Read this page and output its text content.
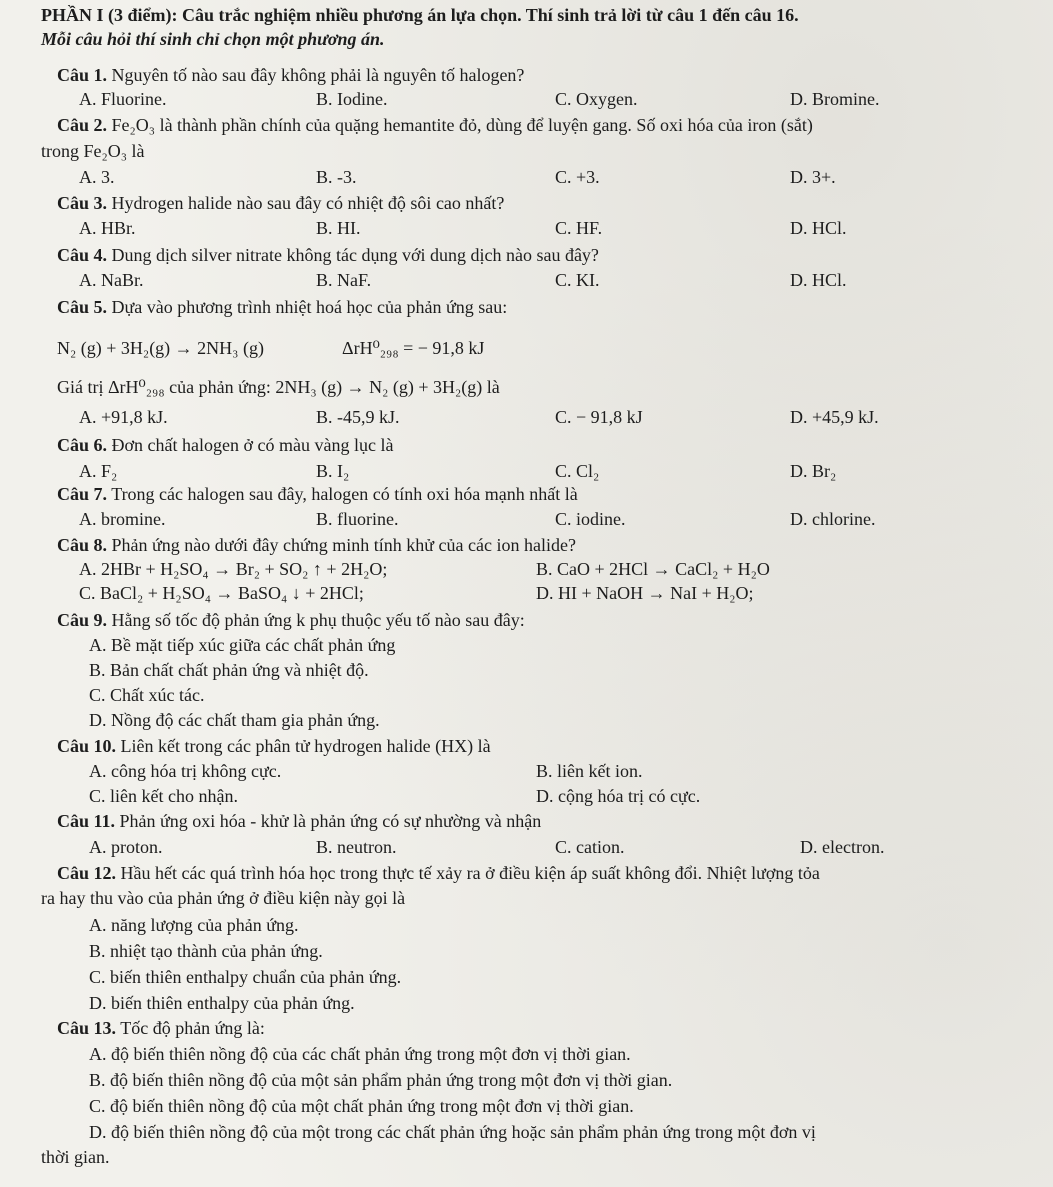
PHẦN I (3 điểm): Câu trắc nghiệm nhiều phương án lựa chọn. Thí sinh trả lời từ câu 1 đến câu 16.
Mỗi câu hỏi thí sinh chỉ chọn một phương án.
Câu 1. Nguyên tố nào sau đây không phải là nguyên tố halogen?
A. Fluorine.	B. Iodine.	C. Oxygen.	D. Bromine.
Câu 2. Fe₂O₃ là thành phần chính của quặng hemantite đỏ, dùng để luyện gang. Số oxi hóa của iron (sắt)
trong Fe₂O₃ là
A. 3.	B. -3.	C. +3.	D. 3+.
Câu 3. Hydrogen halide nào sau đây có nhiệt độ sôi cao nhất?
A. HBr.	B. HI.	C. HF.	D. HCl.
Câu 4. Dung dịch silver nitrate không tác dụng với dung dịch nào sau đây?
A. NaBr.	B. NaF.	C. KI.	D. HCl.
Câu 5. Dựa vào phương trình nhiệt hoá học của phản ứng sau:
N₂ (g) + 3H₂(g) → 2NH₃ (g)	ΔrH⁰₂₉₈ = − 91,8 kJ
Giá trị ΔrH⁰₂₉₈ của phản ứng: 2NH₃ (g) → N₂ (g) + 3H₂(g) là
A. +91,8 kJ.	B. -45,9 kJ.	C. − 91,8 kJ	D. +45,9 kJ.
Câu 6. Đơn chất halogen ở có màu vàng lục là
A. F₂	B. I₂	C. Cl₂	D. Br₂
Câu 7. Trong các halogen sau đây, halogen có tính oxi hóa mạnh nhất là
A. bromine.	B. fluorine.	C. iodine.	D. chlorine.
Câu 8. Phản ứng nào dưới đây chứng minh tính khử của các ion halide?
A. 2HBr + H₂SO₄ → Br₂ + SO₂ ↑ + 2H₂O;	B. CaO + 2HCl → CaCl₂ + H₂O
C. BaCl₂ + H₂SO₄ → BaSO₄ ↓ + 2HCl;	D. HI + NaOH → NaI + H₂O;
Câu 9. Hằng số tốc độ phản ứng k phụ thuộc yếu tố nào sau đây:
A. Bề mặt tiếp xúc giữa các chất phản ứng
B. Bản chất chất phản ứng và nhiệt độ.
C. Chất xúc tác.
D. Nồng độ các chất tham gia phản ứng.
Câu 10. Liên kết trong các phân tử hydrogen halide (HX) là
A. công hóa trị không cực.	B. liên kết ion.
C. liên kết cho nhận.	D. cộng hóa trị có cực.
Câu 11. Phản ứng oxi hóa - khử là phản ứng có sự nhường và nhận
A. proton.	B. neutron.	C. cation.	D. electron.
Câu 12. Hầu hết các quá trình hóa học trong thực tế xảy ra ở điều kiện áp suất không đổi. Nhiệt lượng tỏa
ra hay thu vào của phản ứng ở điều kiện này gọi là
A. năng lượng của phản ứng.
B. nhiệt tạo thành của phản ứng.
C. biến thiên enthalpy chuẩn của phản ứng.
D. biến thiên enthalpy của phản ứng.
Câu 13. Tốc độ phản ứng là:
A. độ biến thiên nồng độ của các chất phản ứng trong một đơn vị thời gian.
B. độ biến thiên nồng độ của một sản phẩm phản ứng trong một đơn vị thời gian.
C. độ biến thiên nồng độ của một chất phản ứng trong một đơn vị thời gian.
D. độ biến thiên nồng độ của một trong các chất phản ứng hoặc sản phẩm phản ứng trong một đơn vị
thời gian.
